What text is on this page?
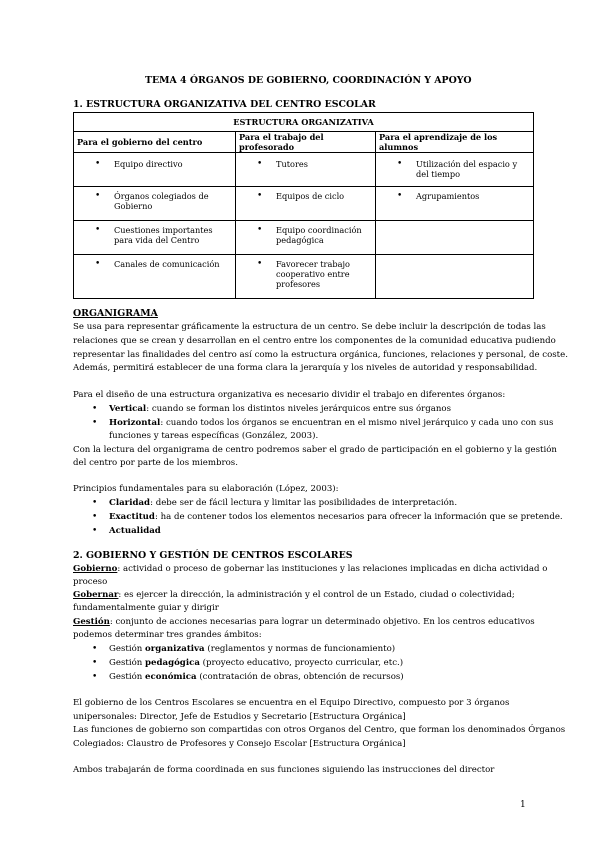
TEMA 4 ÓRGANOS DE GOBIERNO, COORDINACIÓN Y APOYO
1. ESTRUCTURA ORGANIZATIVA DEL CENTRO ESCOLAR
ESTRUCTURA ORGANIZATIVA		
Para el gobierno del centro	Para el trabajo del profesorado	Para el aprendizaje de los alumnos

• Equipo directivo	• Tutores	• Utilización del espacio y del tiempo

• Órganos colegiados de Gobierno	• Equipos de ciclo	• Agrupamientos

• Cuestiones importantes para vida del Centro	• Equipo coordinación pedagógica

• Canales de comunicación	• Favorecer trabajo cooperativo entre profesores

ORGANIGRAMA
Se usa para representar gráficamente la estructura de un centro. Se debe incluir la descripción de todas las
relaciones que se crean y desarrollan en el centro entre los componentes de la comunidad educativa pudiendo
representar las finalidades del centro así como la estructura orgánica, funciones, relaciones y personal, de coste.
Además, permitirá establecer de una forma clara la jerarquía y los niveles de autoridad y responsabilidad.
Para el diseño de una estructura organizativa es necesario dividir el trabajo en diferentes órganos:
• Vertical: cuando se forman los distintos niveles jerárquicos entre sus órganos
• Horizontal: cuando todos los órganos se encuentran en el mismo nivel jerárquico y cada uno con sus
funciones y tareas específicas (González, 2003).
Con la lectura del organigrama de centro podremos saber el grado de participación en el gobierno y la gestión
del centro por parte de los miembros.
Principios fundamentales para su elaboración (López, 2003):
• Claridad: debe ser de fácil lectura y limitar las posibilidades de interpretación.
• Exactitud: ha de contener todos los elementos necesarios para ofrecer la información que se pretende.
• Actualidad
2. GOBIERNO Y GESTIÓN DE CENTROS ESCOLARES
Gobierno: actividad o proceso de gobernar las instituciones y las relaciones implicadas en dicha actividad o
proceso
Gobernar: es ejercer la dirección, la administración y el control de un Estado, ciudad o colectividad;
fundamentalmente guiar y dirigir
Gestión: conjunto de acciones necesarias para lograr un determinado objetivo. En los centros educativos
podemos determinar tres grandes ámbitos:
• Gestión organizativa (reglamentos y normas de funcionamiento)
• Gestión pedagógica (proyecto educativo, proyecto curricular, etc.)
• Gestión económica (contratación de obras, obtención de recursos)
El gobierno de los Centros Escolares se encuentra en el Equipo Directivo, compuesto por 3 órganos
unipersonales: Director, Jefe de Estudios y Secretario [Estructura Orgánica]
Las funciones de gobierno son compartidas con otros Organos del Centro, que forman los denominados Órganos
Colegiados: Claustro de Profesores y Consejo Escolar [Estructura Orgánica]
Ambos trabajarán de forma coordinada en sus funciones siguiendo las instrucciones del director
1
